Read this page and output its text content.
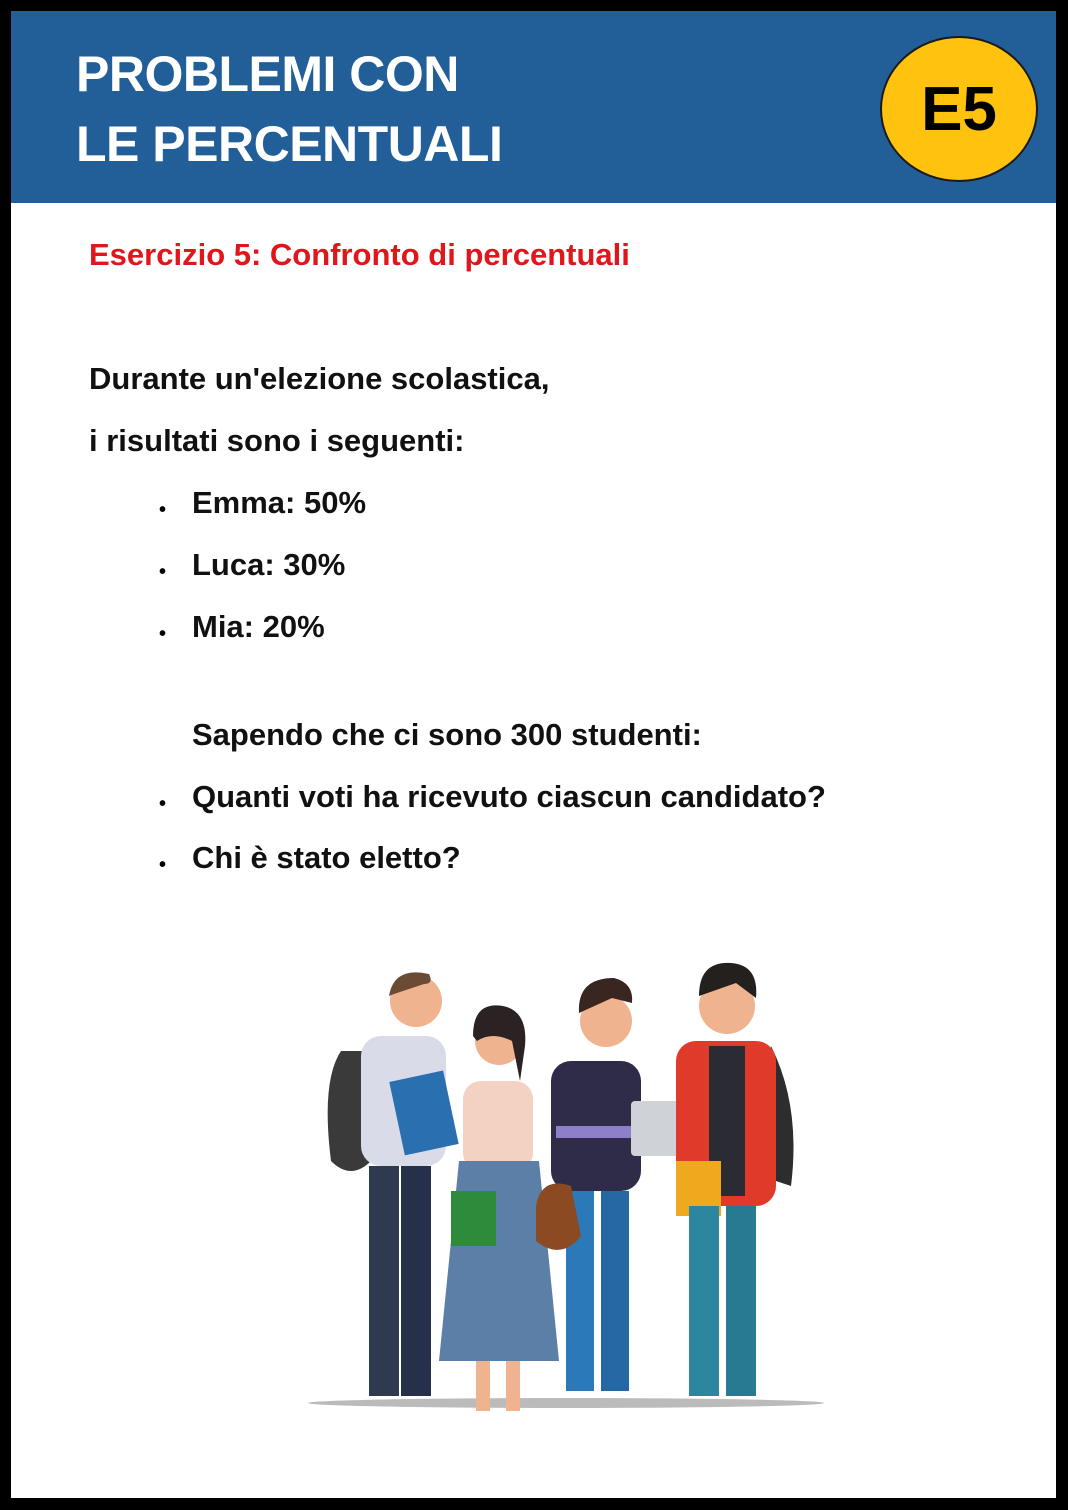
PROBLEMI CON
LE PERCENTUALI
E5
Esercizio 5: Confronto di percentuali
Durante un'elezione scolastica,
i risultati sono i seguenti:
• Emma: 50%
• Luca: 30%
• Mia: 20%
Sapendo che ci sono 300 studenti:
• Quanti voti ha ricevuto ciascun candidato?
• Chi è stato eletto?
